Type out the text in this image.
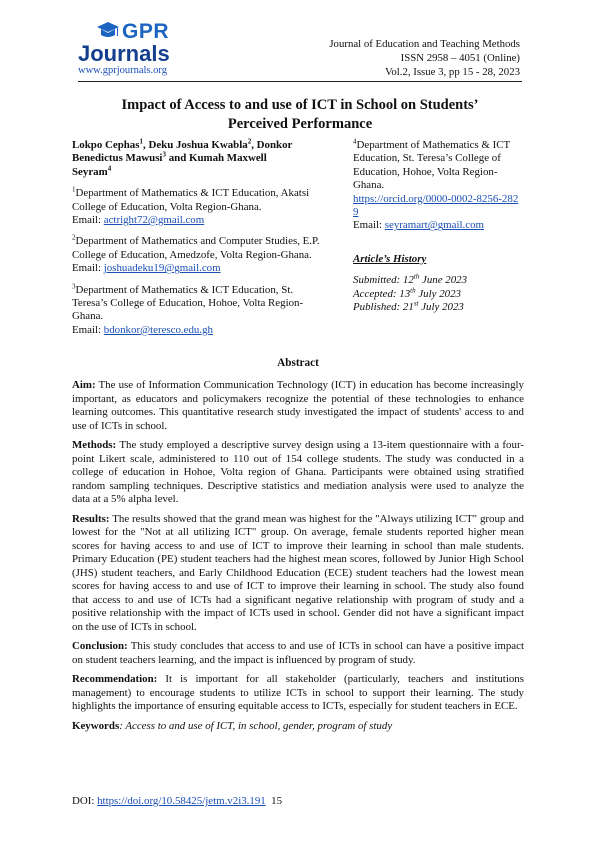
GPR
Journals
www.gprjournals.org
Journal of Education and Teaching Methods
ISSN 2958 – 4051 (Online)
Vol.2, Issue 3, pp 15 - 28, 2023
Impact of Access to and use of ICT in School on Students’
Perceived Performance
Lokpo Cephas$^1$, Deku Joshua Kwabla$^2$, Donkor
Benedictus Mawusi$^3$ and Kumah Maxwell
Seyram$^4$
$^1$Department of Mathematics & ICT Education, Akatsi College of Education, Volta Region-Ghana.
Email: actright72@gmail.com
$^2$Department of Mathematics and Computer Studies, E.P. College of Education, Amedzofe, Volta Region-Ghana.
Email: joshuadeku19@gmail.com
$^3$Department of Mathematics & ICT Education, St. Teresa’s College of Education, Hohoe, Volta Region-Ghana.
Email: bdonkor@teresco.edu.gh
$^4$Department of Mathematics & ICT Education, St. Teresa’s College of Education, Hohoe, Volta Region-Ghana.
https://orcid.org/0000-0002-8256-2829
Email: seyramart@gmail.com
Article’s History
Submitted: 12th June 2023
Accepted: 13th July 2023
Published: 21st July 2023
Abstract

Aim: The use of Information Communication Technology (ICT) in education has become increasingly important, as educators and policymakers recognize the potential of these technologies to enhance learning outcomes. This quantitative research study investigated the impact of students' access to and use of ICTs in school.

Methods: The study employed a descriptive survey design using a 13-item questionnaire with a four-point Likert scale, administered to 110 out of 154 college students. The study was conducted in a college of education in Hohoe, Volta region of Ghana. Participants were obtained using stratified random sampling techniques. Descriptive statistics and mediation analysis were used to analyze the data at a 5% alpha level.

Results: The results showed that the grand mean was highest for the "Always utilizing ICT" group and lowest for the "Not at all utilizing ICT" group. On average, female students reported higher mean scores for having access to and use of ICT to improve their learning in school than male students. Primary Education (PE) student teachers had the highest mean scores, followed by Junior High School (JHS) student teachers, and Early Childhood Education (ECE) student teachers had the lowest mean scores for having access to and use of ICT to improve their learning in school. The study also found that access to and use of ICTs had a significant negative relationship with program of study and a positive relationship with the impact of ICTs used in school. Gender did not have a significant impact on the use of ICTs in school.

Conclusion: This study concludes that access to and use of ICTs in school can have a positive impact on student teachers learning, and the impact is influenced by program of study.

Recommendation: It is important for all stakeholder (particularly, teachers and institutions management) to encourage students to utilize ICTs in school to support their learning. The study highlights the importance of ensuring equitable access to ICTs, especially for student teachers in ECE.

Keywords: Access to and use of ICT, in school, gender, program of study

DOI: https://doi.org/10.58425/jetm.v2i3.191 15
